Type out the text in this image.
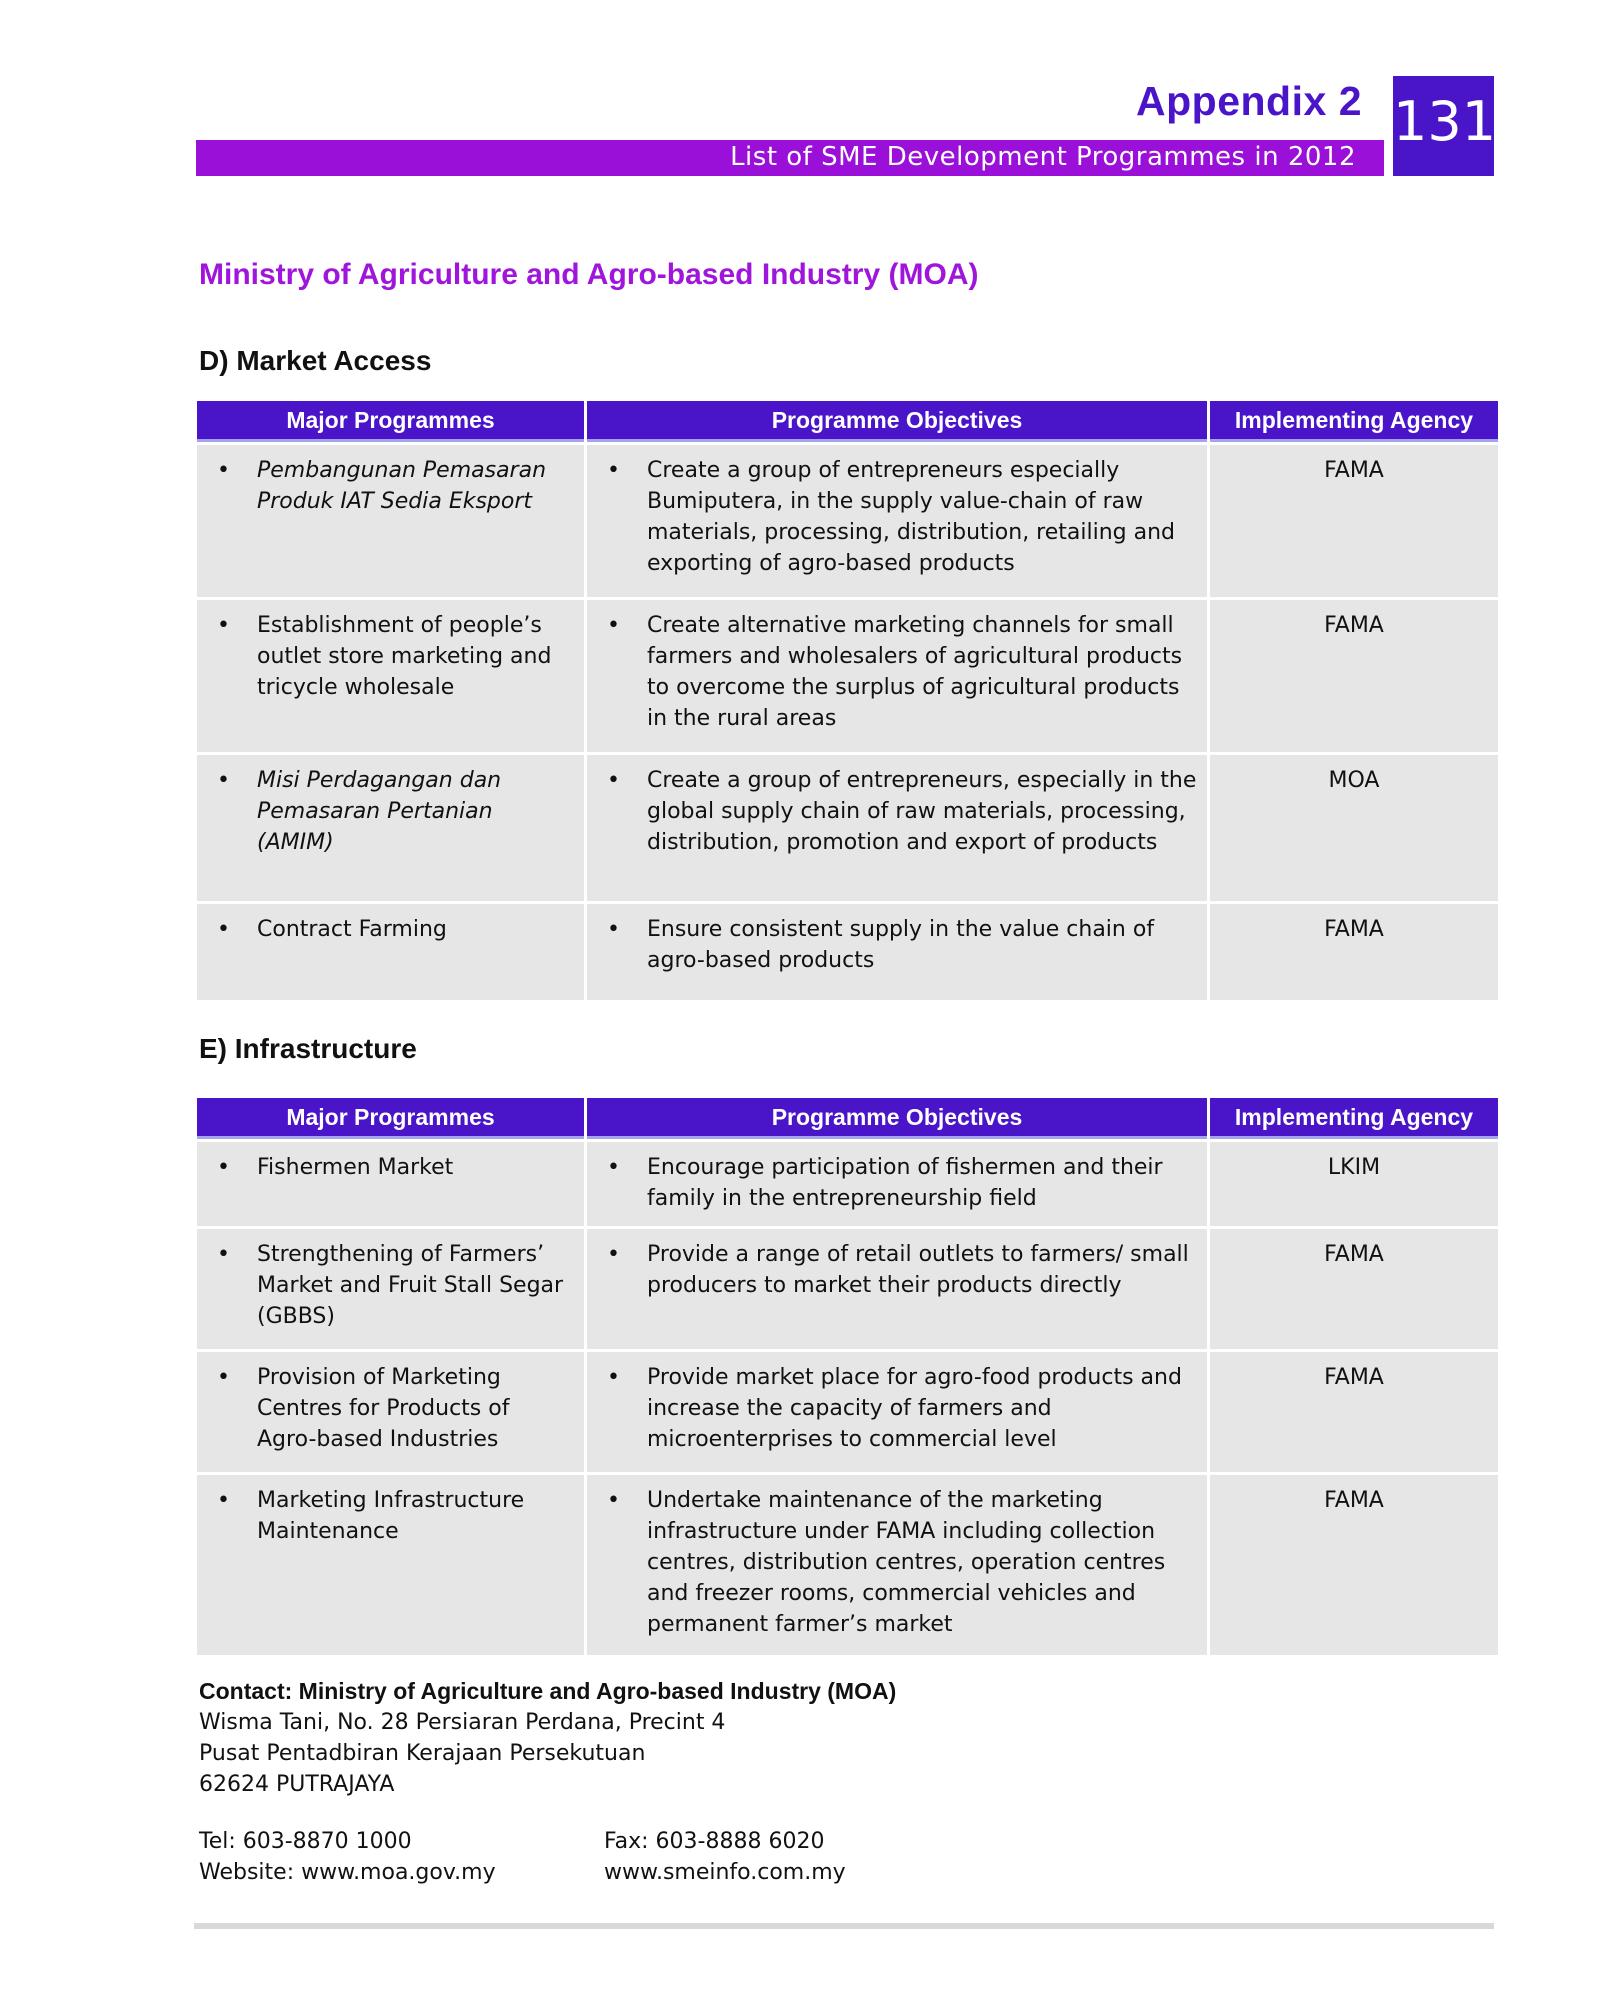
Appendix 2
List of SME Development Programmes in 2012
131
Ministry of Agriculture and Agro-based Industry (MOA)
D) Market Access
Major Programmes	Programme Objectives	Implementing Agency

• Pembangunan Pemasaran Produk IAT Sedia Eksport	• Create a group of entrepreneurs especially Bumiputera, in the supply value-chain of raw materials, processing, distribution, retailing and exporting of agro-based products	FAMA

• Establishment of people’s outlet store marketing and tricycle wholesale	• Create alternative marketing channels for small farmers and wholesalers of agricultural products to overcome the surplus of agricultural products in the rural areas	FAMA

• Misi Perdagangan dan Pemasaran Pertanian (AMIM)	• Create a group of entrepreneurs, especially in the global supply chain of raw materials, processing, distribution, promotion and export of products	MOA

• Contract Farming	• Ensure consistent supply in the value chain of agro-based products	FAMA
E) Infrastructure
Major Programmes	Programme Objectives	Implementing Agency

• Fishermen Market	• Encourage participation of fishermen and their family in the entrepreneurship field	LKIM

• Strengthening of Farmers’ Market and Fruit Stall Segar (GBBS)	• Provide a range of retail outlets to farmers/ small producers to market their products directly	FAMA

• Provision of Marketing Centres for Products of Agro-based Industries	• Provide market place for agro-food products and increase the capacity of farmers and microenterprises to commercial level	FAMA

• Marketing Infrastructure Maintenance	• Undertake maintenance of the marketing infrastructure under FAMA including collection centres, distribution centres, operation centres and freezer rooms, commercial vehicles and permanent farmer’s market	FAMA
Contact: Ministry of Agriculture and Agro-based Industry (MOA)
Wisma Tani, No. 28 Persiaran Perdana, Precint 4
Pusat Pentadbiran Kerajaan Persekutuan
62624 PUTRAJAYA
Tel: 603-8870 1000	Fax: 603-8888 6020
Website: www.moa.gov.my	www.smeinfo.com.my
